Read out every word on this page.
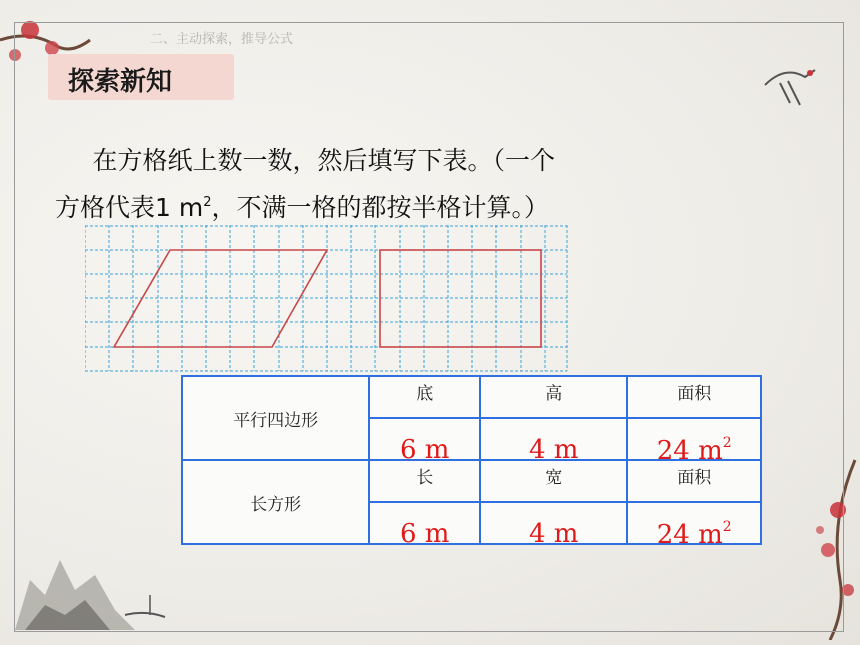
二、主动探索，推导公式
探索新知
  在方格纸上数一数，然后填写下表。（一个
方格代表1 $m^2$，不满一格的都按半格计算。）
平行四边形	底	高	面积

	6 m	4 m	24 $m^2$

长方形	长	宽	面积

	6 m	4 m	24 $m^2$
